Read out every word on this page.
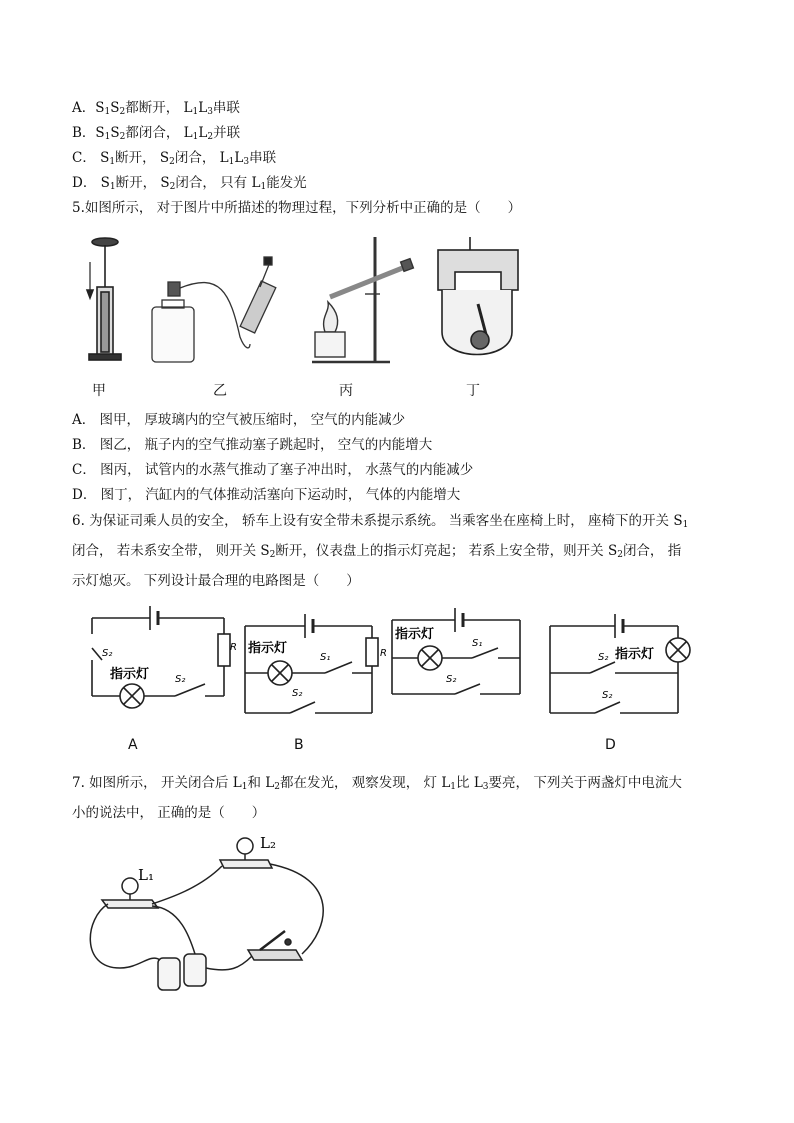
A．$S_1S_2$都断开， $L_1L_3$串联
B．$S_1S_2$都闭合， $L_1L_2$并联
C． $S_1$断开， $S_2$闭合， $L_1L_3$串联
D． $S_1$断开， $S_2$闭合， 只有 $L_1$能发光
5.如图所示， 对于图片中所描述的物理过程，下列分析中正确的是（　　）
甲	乙	丙	丁
A． 图甲， 厚玻璃内的空气被压缩时， 空气的内能减少
B． 图乙， 瓶子内的空气推动塞子跳起时， 空气的内能增大
C． 图丙， 试管内的水蒸气推动了塞子冲出时， 水蒸气的内能减少
D． 图丁， 汽缸内的气体推动活塞向下运动时， 气体的内能增大
6. 为保证司乘人员的安全， 轿车上设有安全带未系提示系统。 当乘客坐在座椅上时， 座椅下的开关 $S_1$
闭合， 若未系安全带， 则开关 $S_2$断开，仪表盘上的指示灯亮起； 若系上安全带，则开关 $S_2$闭合， 指
示灯熄灭。 下列设计最合理的电路图是（　　）
S₂
指示灯	S₂
R 指示灯
S₁
S₂
R
指示灯
S₁
S₂
S₂ 指示灯
S₂
A	B	D
7. 如图所示， 开关闭合后 $L_1$和 $L_2$都在发光， 观察发现， 灯 $L_1$比 $L_3$要亮， 下列关于两盏灯中电流大
小的说法中， 正确的是（　　）
L₁
L₂
